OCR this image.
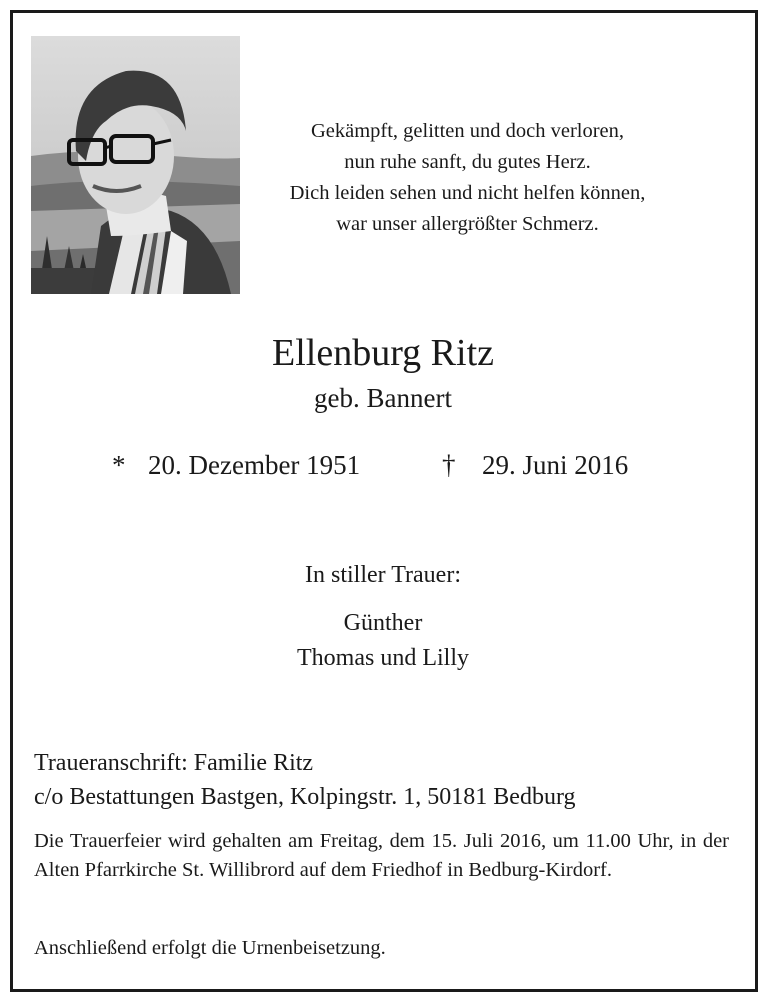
Gekämpft, gelitten und doch verloren,
nun ruhe sanft, du gutes Herz.
Dich leiden sehen und nicht helfen können,
war unser allergrößter Schmerz.
Ellenburg Ritz
geb. Bannert
* 20. Dezember 1951	† 29. Juni 2016
In stiller Trauer:
Günther
Thomas und Lilly
Traueranschrift: Familie Ritz
c/o Bestattungen Bastgen, Kolpingstr. 1, 50181 Bedburg
Die Trauerfeier wird gehalten am Freitag, dem 15. Juli 2016, um 11.00 Uhr, in der Alten Pfarrkirche St. Willibrord auf dem Friedhof in Bedburg-Kirdorf.
Anschließend erfolgt die Urnenbeisetzung.
